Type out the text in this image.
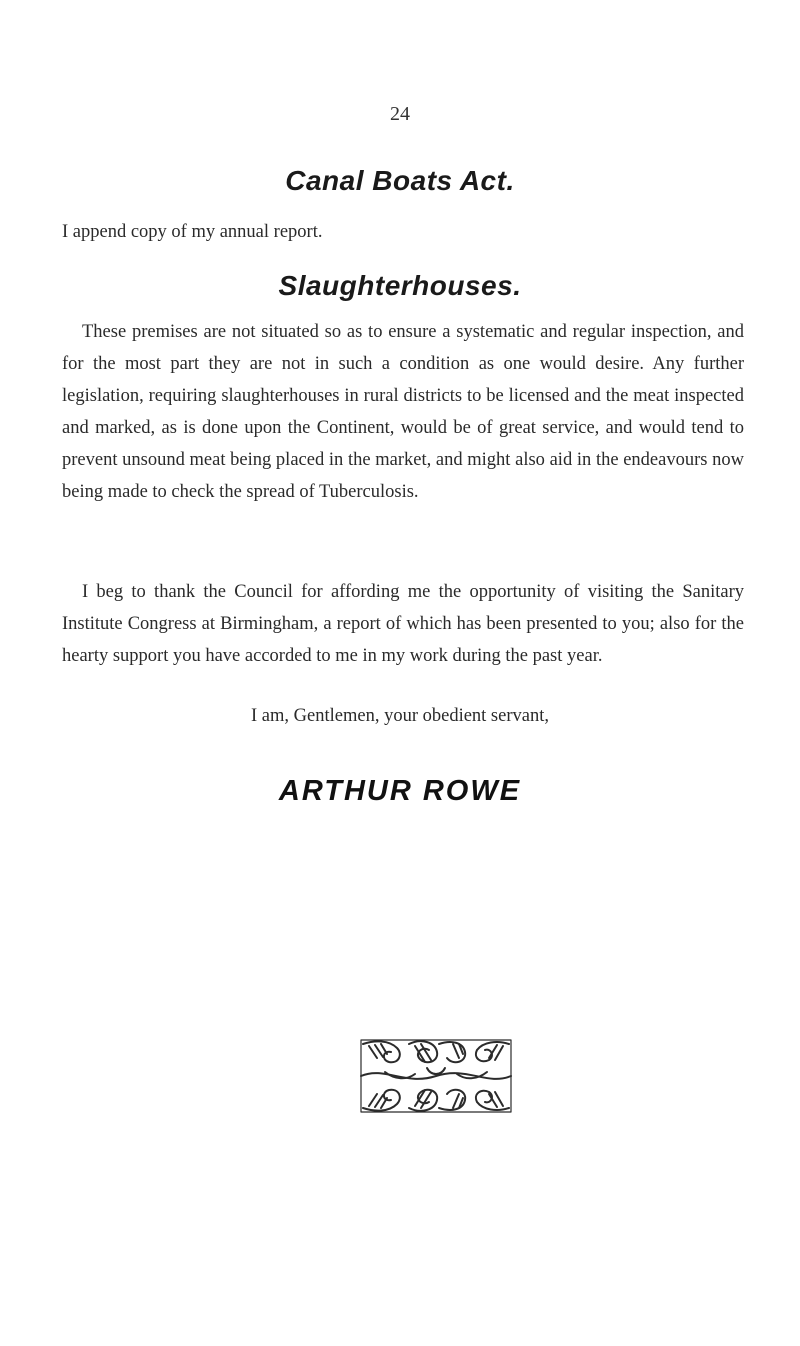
24
Canal Boats Act.

I append copy of my annual report.

Slaughterhouses.

These premises are not situated so as to ensure a systematic and regular inspection, and for the most part they are not in such a condition as one would desire. Any further legislation, requiring slaughterhouses in rural districts to be licensed and the meat inspected and marked, as is done upon the Continent, would be of great service, and would tend to prevent unsound meat being placed in the market, and might also aid in the endeavours now being made to check the spread of Tuberculosis.

I beg to thank the Council for affording me the opportunity of visiting the Sanitary Institute Congress at Birmingham, a report of which has been presented to you; also for the hearty support you have accorded to me in my work during the past year.

I am, Gentlemen, your obedient servant,

ARTHUR ROWE
